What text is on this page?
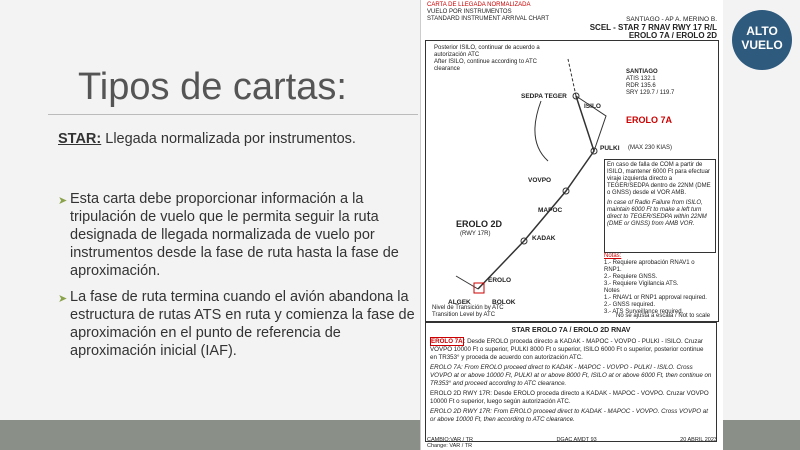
Tipos de cartas:
STAR: Llegada normalizada por instrumentos.
➤ Esta carta debe proporcionar información a la tripulación de vuelo que le permita seguir la ruta designada de llegada normalizada de vuelo por instrumentos desde la fase de ruta hasta la fase de aproximación.
➤ La fase de ruta termina cuando el avión abandona la estructura de rutas ATS en ruta y comienza la fase de aproximación en el punto de referencia de aproximación inicial (IAF).
CARTA DE LLEGADA NORMALIZADA
VUELO POR INSTRUMENTOS
STANDARD INSTRUMENT ARRIVAL CHART	SANTIAGO - AP A. MERINO B.
SCEL - STAR 7 RNAV RWY 17 R/L
EROLO 7A / EROLO 2D
Posterior ISILO, continuar de acuerdo a autorización ATC
After ISILO, continue according to ATC clearance	SANTIAGO
ATIS 132.1
RDR 135.6
SRY 129.7 / 119.7
SEDPA TEGER
ISILO
EROLO 7A
PULKI (MAX 230 KIAS)
VOVPO
EROLO 2D
(RWY 17R)
MAPOC
KADAK
EROLO
ALGEK	BOLOK
En caso de falla de COM a partir de ISILO, mantener 6000 Ft para efectuar viraje izquierda directo a TEGER/SEDPA dentro de 22NM (DME o GNSS) desde el VOR AMB.
In case of Radio Failure from ISILO, maintain 6000 Ft to make a left turn direct to TEGER/SEDPA within 22NM (DME or GNSS) from AMB VOR.
Notas:
1.- Requiere aprobación RNAV1 o RNP1.
2.- Requiere GNSS.
3.- Requiere Vigilancia ATS.
Notes
1.- RNAV1 or RNP1 approval required.
2.- GNSS required.
3.- ATS Surveillance required.
Nivel de Transición by ATC
Transition Level by ATC	No se ajusta a escala / Not to scale
STAR EROLO 7A / EROLO 2D RNAV
EROLO 7A: Desde EROLO proceda directo a KADAK - MAPOC - VOVPO - PULKI - ISILO. Cruzar VOVPO 10000 Ft o superior, PULKI 8000 Ft o superior, ISILO 6000 Ft o superior, posterior continue en TR353° y proceda de acuerdo con autorización ATC.
EROLO 7A: From EROLO proceed direct to KADAK - MAPOC - VOVPO - PULKI - ISILO. Cross VOVPO at or above 10000 Ft, PULKI at or above 8000 Ft, ISILO at or above 6000 Ft, then continue on TR353° and proceed according to ATC clearance.
EROLO 2D RWY 17R: Desde EROLO proceda directo a KADAK - MAPOC - VOVPO. Cruzar VOVPO 10000 Ft o superior, luego según autorización ATC.
EROLO 2D RWY 17R: From EROLO proceed direct to KADAK - MAPOC - VOVPO. Cross VOVPO at or above 10000 Ft, then according to ATC clearance.
CAMBIO:VAR / TR
Change: VAR / TR
DGAC AMDT 93	20 ABRIL 2023
ALTO
VUELO
